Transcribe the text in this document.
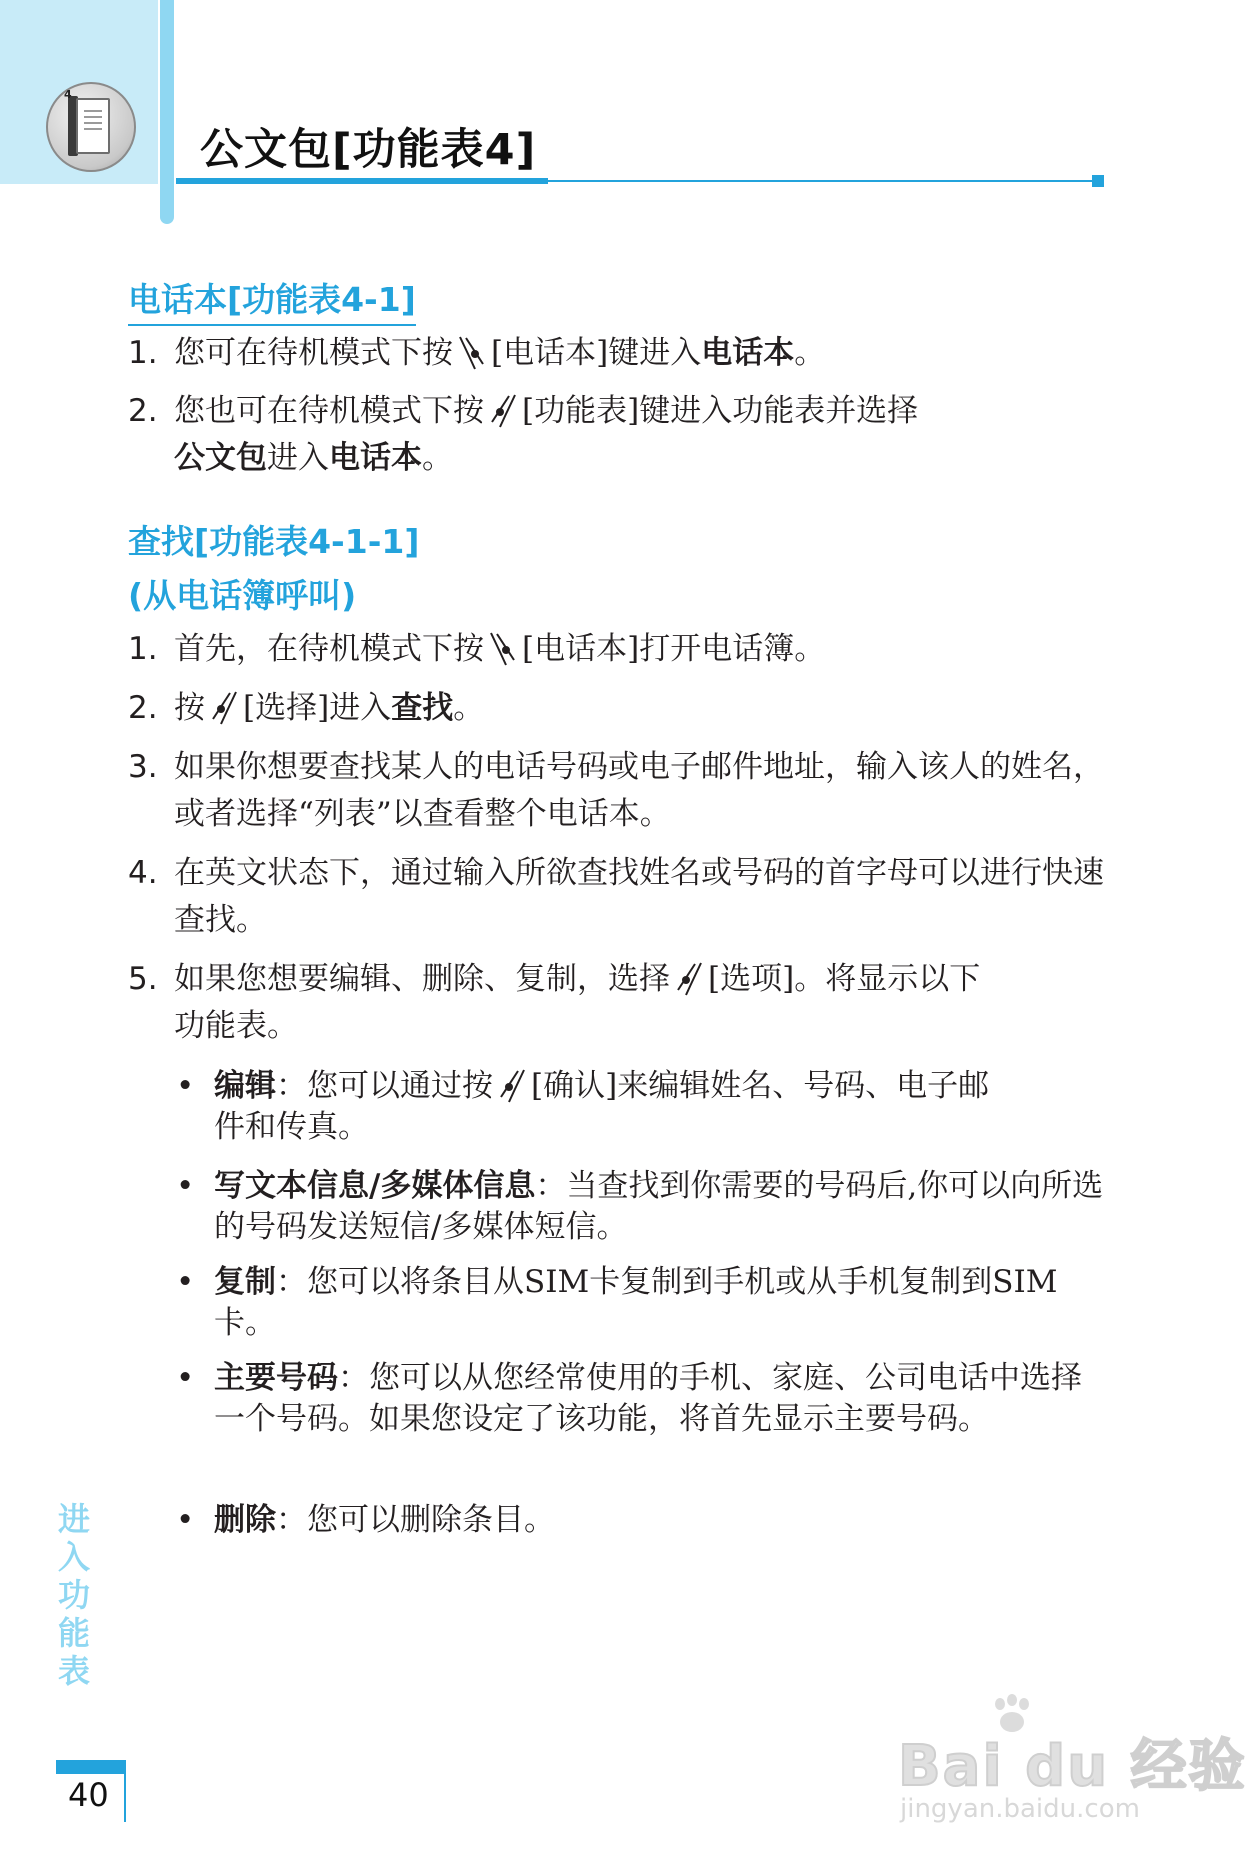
4
公文包[功能表4]
电话本[功能表4-1]
1. 您可在待机模式下按 [电话本]键进入电话本。
2. 您也可在待机模式下按 [功能表]键进入功能表并选择
公文包进入电话本。
查找[功能表4-1-1]
(从电话簿呼叫)
1. 首先，在待机模式下按 [电话本]打开电话簿。
2. 按 [选择]进入查找。
3. 如果你想要查找某人的电话号码或电子邮件地址，输入该人的姓名，或者选择“列表”以查看整个电话本。
4. 在英文状态下，通过输入所欲查找姓名或号码的首字母可以进行快速查找。
5. 如果您想要编辑、删除、复制，选择 [选项]。将显示以下
功能表。
• 编辑：您可以通过按 [确认]来编辑姓名、号码、电子邮
件和传真。
• 写文本信息/多媒体信息：当查找到你需要的号码后,你可以向所选的号码发送短信/多媒体短信。
• 复制：您可以将条目从SIM卡复制到手机或从手机复制到SIM卡。
• 主要号码：您可以从您经常使用的手机、家庭、公司电话中选择一个号码。如果您设定了该功能，将首先显示主要号码。
• 删除：您可以删除条目。
进入功能表
40	Bai du 经验
jingyan.baidu.com
